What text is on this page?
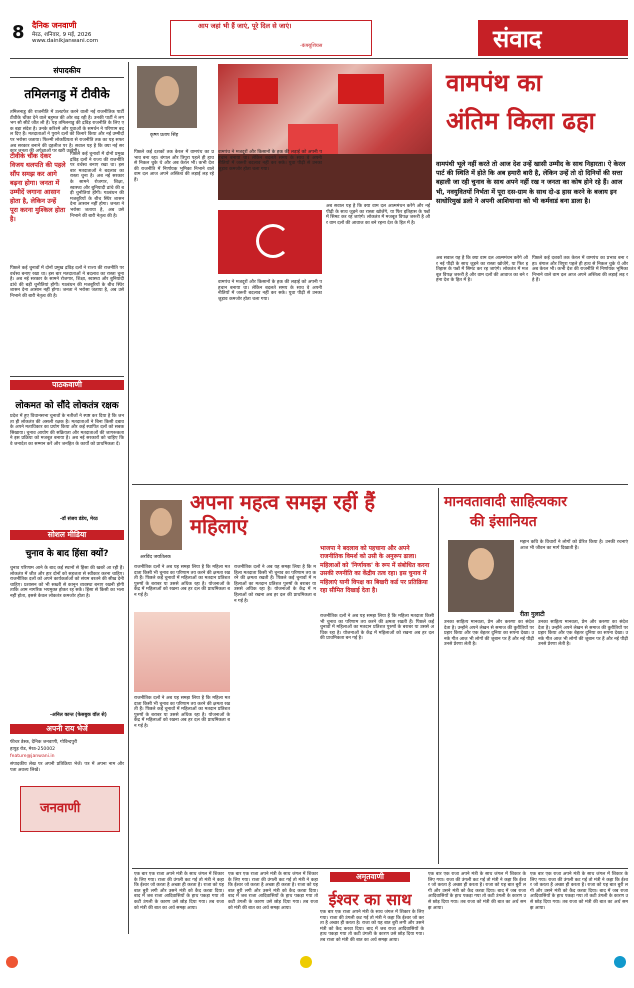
8 दैनिक जनवाणी
मेरठ, शनिवार, 9 मई, 2026
www.dainikjanwani.com
आप जहां भी हैं जाएं, पूरे दिल से जाएं।
-कंफ्यूशियस	संवाद
संपादकीय
तमिलनाडु में टीवीके
तमिलनाडु की राजनीति में उलटफेर करने वाली नई राजनीतिक पार्टी टीवीके चौंका देने वाले बहुमत की ओर बढ़ रही है। उनकी पार्टी ने लगभग सौ सीटें जीत ली हैं। यह तमिलनाडु की द्रविड़ राजनीति के लिए एक बड़ा संदेश है। उनके करिश्मे और युवाओं के समर्थन ने परिणाम बदल दिए हैं। मतदाताओं ने पुराने दलों को किनारे किया और नई उम्मीदों पर भरोसा जताया। फिल्मी लोकप्रियता से राजनीति तक का यह सफर अब सरकार बनाने की दहलीज पर है। सवाल यह है कि क्या नई सरकार जनता की अपेक्षाओं पर खरी उतरेगी।
टीवीके चौंक देकर विजय थलपति की पहले सौंप समझ कर आगे बढ़ना होगा। जनता में उम्मीदें जगाना आसान होता है, लेकिन उन्हें पूरा करना मुश्किल होता है।
पिछले कई चुनावों में दोनों प्रमुख द्रविड़ दलों ने राज्य की राजनीति पर वर्चस्व बनाए रखा था। इस बार मतदाताओं ने बदलाव का रास्ता चुना है। अब नई सरकार के सामने रोजगार, शिक्षा, स्वास्थ्य और बुनियादी ढांचे की बड़ी चुनौतियां होंगी। गठबंधन की मजबूरियों के बीच स्थिर शासन देना आसान नहीं होगा। जनता ने भरोसा जताया है, अब उसे निभाने की बारी नेतृत्व की है।
पिछले कई चुनावों में दोनों प्रमुख द्रविड़ दलों ने राज्य की राजनीति पर वर्चस्व बनाए रखा था। इस बार मतदाताओं ने बदलाव का रास्ता चुना है। अब नई सरकार के सामने रोजगार, शिक्षा, स्वास्थ्य और बुनियादी ढांचे की बड़ी चुनौतियां होंगी। गठबंधन की मजबूरियों के बीच स्थिर शासन देना आसान नहीं होगा। जनता ने भरोसा जताया है, अब उसे निभाने की बारी नेतृत्व की है।
पाठकवाणी
लोकमत को सौंदे लोकतंत्र रक्षक
प्रदेश में हुए विधानसभा चुनावों के नतीजों ने स्पष्ट कर दिया है कि जनता ही लोकतंत्र की असली रक्षक है। मतदाताओं ने बिना किसी दबाव के अपने मताधिकार का प्रयोग किया और कई स्थापित दलों को सबक सिखाया। चुनाव आयोग की सक्रियता और मतदाताओं की जागरूकता ने इस प्रक्रिया को मजबूत बनाया है। अब नई सरकारों को चाहिए कि वे जनादेश का सम्मान करें और जनहित के कार्यों को प्राथमिकता दें।
-डॉ संजय डंडेय, मेरठ
सोशल मीडिया
चुनाव के बाद हिंसा क्यों?
चुनाव परिणाम आने के बाद कई स्थानों से हिंसा की खबरें आ रही हैं। लोकतंत्र में जीत और हार दोनों को सहजता से स्वीकार करना चाहिए। राजनीतिक दलों को अपने कार्यकर्ताओं को संयम बरतने की सीख देनी चाहिए। प्रशासन को भी सख्ती से कानून व्यवस्था बनाए रखनी होगी ताकि आम नागरिक भयमुक्त होकर रह सकें। हिंसा से किसी का भला नहीं होता, इससे केवल लोकतंत्र कमजोर होता है।
-अनिल कान्त (फेसबुक वॉल से)
अपनी राय भेजें
फीचर डेस्क, दैनिक जनवाणी, गोविन्दपुरी
हापुड़ रोड, मेरठ-250002
feature@janwani.in
संपादकीय लेख पर अपनी प्रतिक्रिया भेजें। पत्र में अपना नाम और पता अवश्य लिखें।
जनवाणी
कृष्ण प्रताप सिंह
वामपंथ का
अंतिम किला ढहा
वामपंथी भूले नहीं करते तो आज देश उन्हें खासी उम्मीद के साथ निहारता। ऐ केरल पार्ट की स्थिति में होते कि अब हमारी बारी है, लेकिन उन्हें तो दो दिनियों की सत्ता बहाली जा रही चुनाव के साथ अपने नहीं रख न जनता का कोष होने रहे हैं। आज भी, नवयुवितयों निर्भता में पूरा दस-ग्राम के साथ दो-ढ हास करने के बजाय इन साधोरिमुखं डलो ने अपनी आशियानाा को भी कर्मवाडं बना डाला है।
पिछले कई दशकों तक केरल में वामपंथ का प्रभाव बना रहा। बंगाल और त्रिपुरा पहले ही हाथ से निकल चुके थे और अब केरल भी। कभी देश की राजनीति में निर्णायक भूमिका निभाने वाले वाम दल आज अपने अस्तित्व की लड़ाई लड़ रहे हैं।
वामपंथ ने मजदूरों और किसानों के हक की लड़ाई को अपनी पहचान बनाया था। लेकिन बदलते समय के साथ वे अपनी नीतियों में जरूरी बदलाव नहीं कर सके। युवा पीढ़ी से उनका जुड़ाव कमजोर होता चला गया।
वामपंथ ने मजदूरों और किसानों के हक की लड़ाई को अपनी पहचान बनाया था। लेकिन बदलते समय के साथ वे अपनी नीतियों में जरूरी बदलाव नहीं कर सके। युवा पीढ़ी से उनका जुड़ाव कमजोर होता चला गया।
अब सवाल यह है कि क्या वाम दल आत्ममंथन करेंगे और नई पीढ़ी के साथ जुड़ने का रास्ता खोजेंगे, या फिर इतिहास के पन्नों में सिमट कर रह जाएंगे। लोकतंत्र में मजबूत विपक्ष जरूरी है और वाम दलों की आवाज का बने रहना देश के हित में है।
अब सवाल यह है कि क्या वाम दल आत्ममंथन करेंगे और नई पीढ़ी के साथ जुड़ने का रास्ता खोजेंगे, या फिर इतिहास के पन्नों में सिमट कर रह जाएंगे। लोकतंत्र में मजबूत विपक्ष जरूरी है और वाम दलों की आवाज का बने रहना देश के हित में है।
पिछले कई दशकों तक केरल में वामपंथ का प्रभाव बना रहा। बंगाल और त्रिपुरा पहले ही हाथ से निकल चुके थे और अब केरल भी। कभी देश की राजनीति में निर्णायक भूमिका निभाने वाले वाम दल आज अपने अस्तित्व की लड़ाई लड़ रहे हैं।
अपना महत्व समझ रहीं हैं महिलाएं
अरविंद जयतिलक
भाजपा ने बदलाव को पहचाना और अपने राजनीतिक विमर्श को उसी के अनुरूप ढाला। महिलाओं को 'निर्णायक' के रूप में संबोधित करना उसकी रणनीति का केंद्रीय तत्व रहा। इस चुनाव में महिलाएं यानी विपक्ष का बिखरी कर्ड पर प्रतिक्रिया रहा सीमित दिखाई देता है।
राजनीतिक दलों ने अब यह समझ लिया है कि महिला मतदाता किसी भी चुनाव का परिणाम तय करने की क्षमता रखती हैं। पिछले कई चुनावों में महिलाओं का मतदान प्रतिशत पुरुषों के बराबर या उससे अधिक रहा है। योजनाओं के केंद्र में महिलाओं को रखना अब हर दल की प्राथमिकता बन गई है।
राजनीतिक दलों ने अब यह समझ लिया है कि महिला मतदाता किसी भी चुनाव का परिणाम तय करने की क्षमता रखती हैं। पिछले कई चुनावों में महिलाओं का मतदान प्रतिशत पुरुषों के बराबर या उससे अधिक रहा है। योजनाओं के केंद्र में महिलाओं को रखना अब हर दल की प्राथमिकता बन गई है।
राजनीतिक दलों ने अब यह समझ लिया है कि महिला मतदाता किसी भी चुनाव का परिणाम तय करने की क्षमता रखती हैं। पिछले कई चुनावों में महिलाओं का मतदान प्रतिशत पुरुषों के बराबर या उससे अधिक रहा है। योजनाओं के केंद्र में महिलाओं को रखना अब हर दल की प्राथमिकता बन गई है।
राजनीतिक दलों ने अब यह समझ लिया है कि महिला मतदाता किसी भी चुनाव का परिणाम तय करने की क्षमता रखती हैं। पिछले कई चुनावों में महिलाओं का मतदान प्रतिशत पुरुषों के बराबर या उससे अधिक रहा है। योजनाओं के केंद्र में महिलाओं को रखना अब हर दल की प्राथमिकता बन गई है।
मानवतावादी साहित्यकार
की इंसानियत
महान कवि के विचारों ने लोगों को प्रेरित किया है। उनकी रचनाएं आज भी जीवन का मार्ग दिखाती हैं।
रीता गुलाटी
उनका साहित्य मानवता, प्रेम और करुणा का संदेश देता है। उन्होंने अपने लेखन से समाज की कुरीतियों पर प्रहार किया और एक बेहतर दुनिया का सपना देखा। उनके गीत आज भी लोगों की जुबान पर हैं और नई पीढ़ी उनसे प्रेरणा लेती है।
उनका साहित्य मानवता, प्रेम और करुणा का संदेश देता है। उन्होंने अपने लेखन से समाज की कुरीतियों पर प्रहार किया और एक बेहतर दुनिया का सपना देखा। उनके गीत आज भी लोगों की जुबान पर हैं और नई पीढ़ी उनसे प्रेरणा लेती है।
अमृतवाणी
ईश्वर का साथ
एक बार एक राजा अपने मंत्री के साथ जंगल में शिकार के लिए गया। राजा की उंगली कट गई तो मंत्री ने कहा कि ईश्वर जो करता है अच्छा ही करता है। राजा को यह बात बुरी लगी और उसने मंत्री को कैद करवा दिया। बाद में जब राजा आदिवासियों के हाथ पकड़ा गया तो कटी उंगली के कारण उसे छोड़ दिया गया। तब राजा को मंत्री की बात का अर्थ समझ आया।
एक बार एक राजा अपने मंत्री के साथ जंगल में शिकार के लिए गया। राजा की उंगली कट गई तो मंत्री ने कहा कि ईश्वर जो करता है अच्छा ही करता है। राजा को यह बात बुरी लगी और उसने मंत्री को कैद करवा दिया। बाद में जब राजा आदिवासियों के हाथ पकड़ा गया तो कटी उंगली के कारण उसे छोड़ दिया गया। तब राजा को मंत्री की बात का अर्थ समझ आया।
एक बार एक राजा अपने मंत्री के साथ जंगल में शिकार के लिए गया। राजा की उंगली कट गई तो मंत्री ने कहा कि ईश्वर जो करता है अच्छा ही करता है। राजा को यह बात बुरी लगी और उसने मंत्री को कैद करवा दिया। बाद में जब राजा आदिवासियों के हाथ पकड़ा गया तो कटी उंगली के कारण उसे छोड़ दिया गया। तब राजा को मंत्री की बात का अर्थ समझ आया।
एक बार एक राजा अपने मंत्री के साथ जंगल में शिकार के लिए गया। राजा की उंगली कट गई तो मंत्री ने कहा कि ईश्वर जो करता है अच्छा ही करता है। राजा को यह बात बुरी लगी और उसने मंत्री को कैद करवा दिया। बाद में जब राजा आदिवासियों के हाथ पकड़ा गया तो कटी उंगली के कारण उसे छोड़ दिया गया। तब राजा को मंत्री की बात का अर्थ समझ आया।
एक बार एक राजा अपने मंत्री के साथ जंगल में शिकार के लिए गया। राजा की उंगली कट गई तो मंत्री ने कहा कि ईश्वर जो करता है अच्छा ही करता है। राजा को यह बात बुरी लगी और उसने मंत्री को कैद करवा दिया। बाद में जब राजा आदिवासियों के हाथ पकड़ा गया तो कटी उंगली के कारण उसे छोड़ दिया गया। तब राजा को मंत्री की बात का अर्थ समझ आया।
